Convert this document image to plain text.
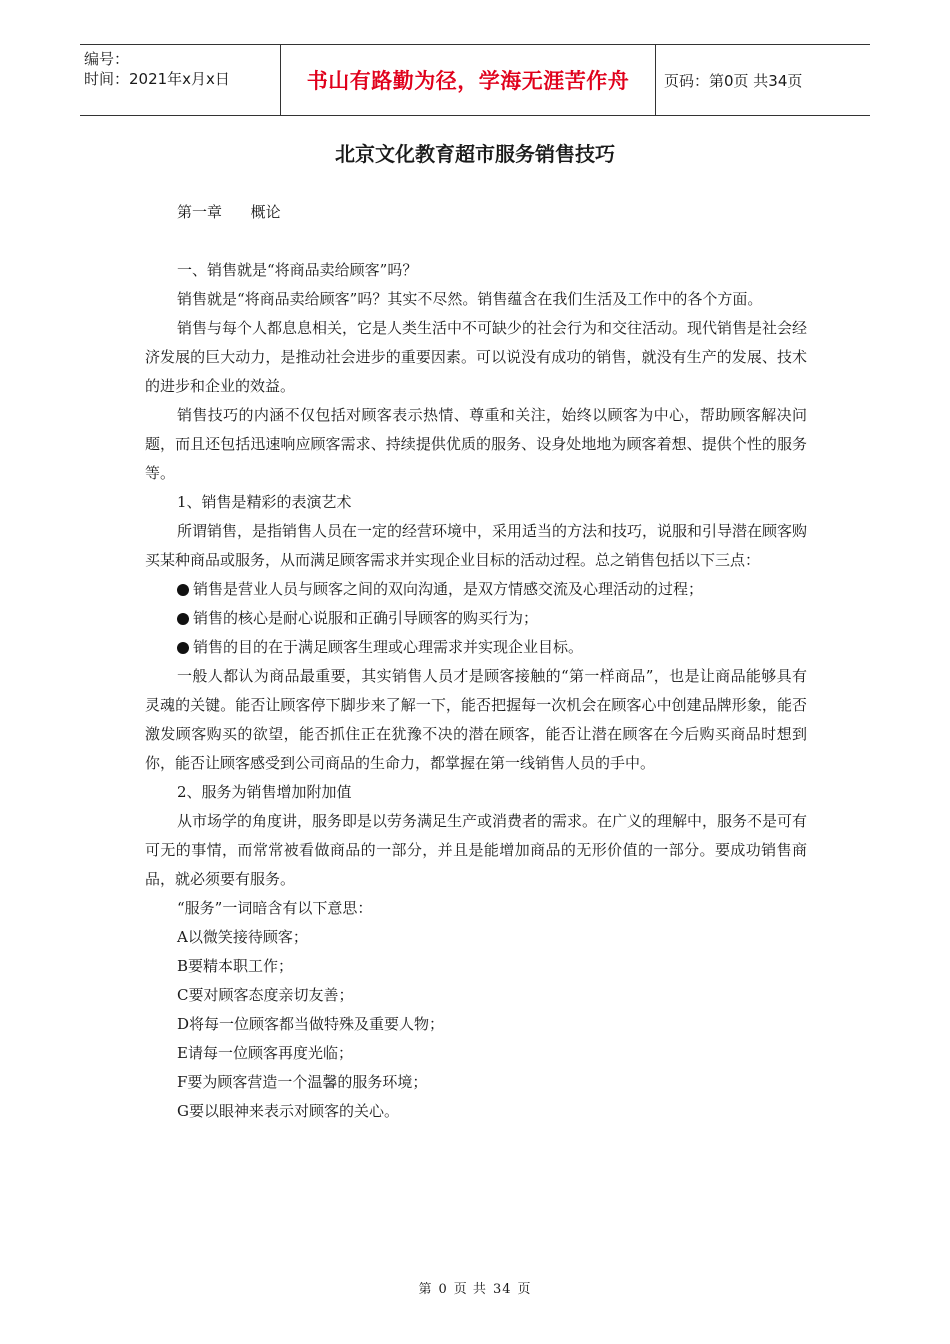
编号：
时间：2021年x月x日	书山有路勤为径，学海无涯苦作舟	页码：第0页 共34页
北京文化教育超市服务销售技巧
第一章      概论

一、销售就是“将商品卖给顾客”吗？

销售就是“将商品卖给顾客”吗？其实不尽然。销售蕴含在我们生活及工作中的各个方面。

销售与每个人都息息相关，它是人类生活中不可缺少的社会行为和交往活动。现代销售是社会经济发展的巨大动力，是推动社会进步的重要因素。可以说没有成功的销售，就没有生产的发展、技术的进步和企业的效益。

销售技巧的内涵不仅包括对顾客表示热情、尊重和关注，始终以顾客为中心，帮助顾客解决问题，而且还包括迅速响应顾客需求、持续提供优质的服务、设身处地地为顾客着想、提供个性的服务等。

1、销售是精彩的表演艺术

所谓销售，是指销售人员在一定的经营环境中，采用适当的方法和技巧，说服和引导潜在顾客购买某种商品或服务，从而满足顾客需求并实现企业目标的活动过程。总之销售包括以下三点：

销售是营业人员与顾客之间的双向沟通，是双方情感交流及心理活动的过程；
销售的核心是耐心说服和正确引导顾客的购买行为；
销售的目的在于满足顾客生理或心理需求并实现企业目标。

一般人都认为商品最重要，其实销售人员才是顾客接触的“第一样商品”，也是让商品能够具有灵魂的关键。能否让顾客停下脚步来了解一下，能否把握每一次机会在顾客心中创建品牌形象，能否激发顾客购买的欲望，能否抓住正在犹豫不决的潜在顾客，能否让潜在顾客在今后购买商品时想到你，能否让顾客感受到公司商品的生命力，都掌握在第一线销售人员的手中。

2、服务为销售增加附加值

从市场学的角度讲，服务即是以劳务满足生产或消费者的需求。在广义的理解中，服务不是可有可无的事情，而常常被看做商品的一部分，并且是能增加商品的无形价值的一部分。要成功销售商品，就必须要有服务。

“服务”一词暗含有以下意思：

A以微笑接待顾客；

B要精本职工作；

C要对顾客态度亲切友善；

D将每一位顾客都当做特殊及重要人物；

E请每一位顾客再度光临；

F要为顾客营造一个温馨的服务环境；

G要以眼神来表示对顾客的关心。

第 0 页 共 34 页
